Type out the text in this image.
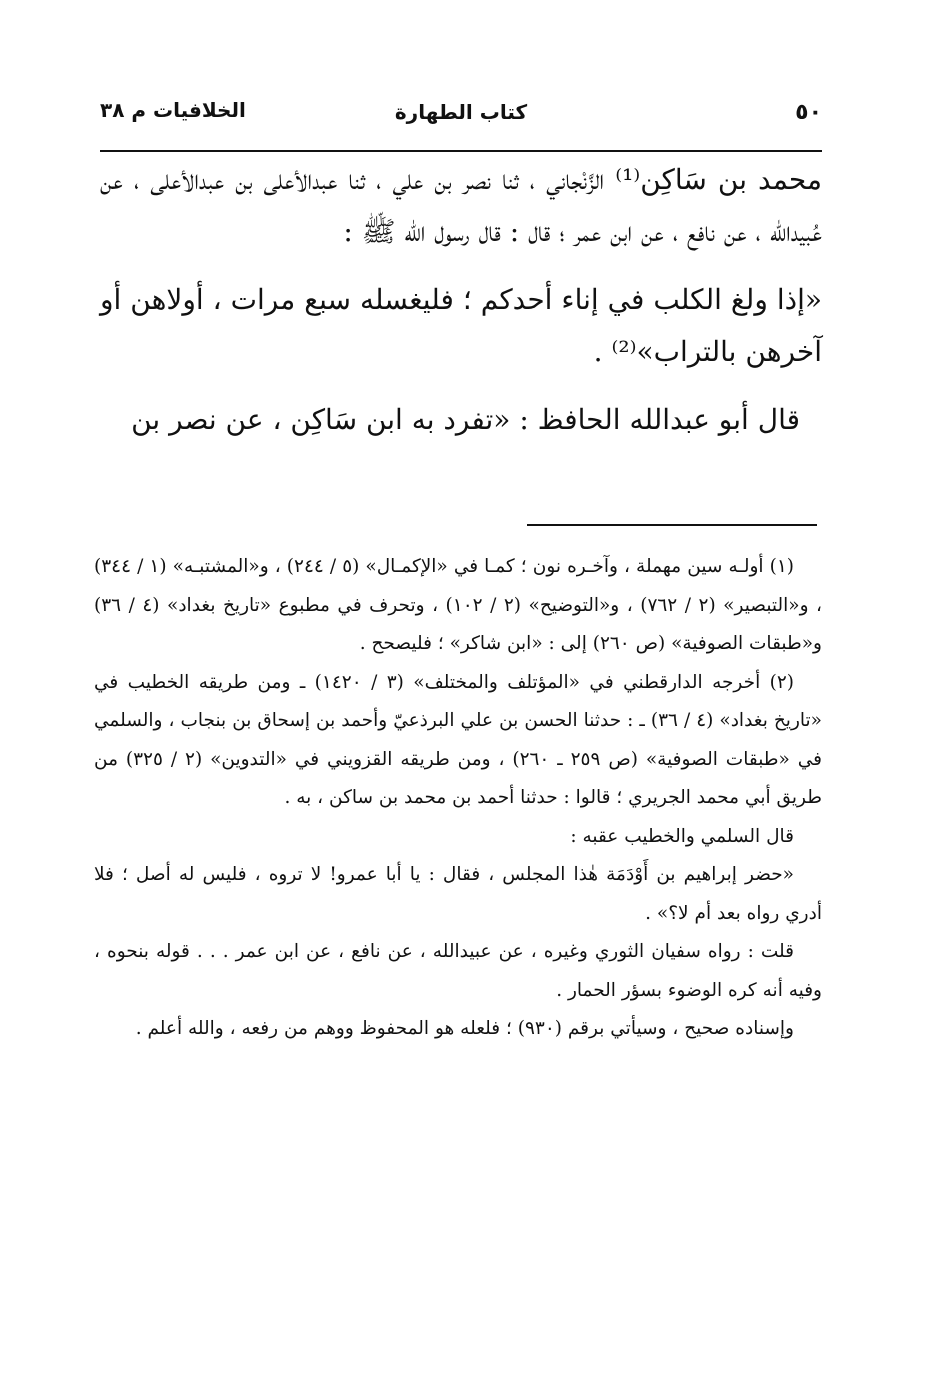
٥٠
كتاب الطهارة
الخلافيات م ٣٨

محمد بن سَاكِن⁽¹⁾ الزَّنْجاني ، ثنا نصر بن علي ، ثنا عبدالأعلى بن عبدالأعلى ، عن عُبيدالله ، عن نافع ، عن ابن عمر ؛ قال : قال رسول الله ﷺ :

«إذا ولغ الكلب في إناء أحدكم ؛ فليغسله سبع مرات ، أولاهن أو آخرهن بالتراب»⁽²⁾ .

قال أبو عبدالله الحافظ : «تفرد به ابن سَاكِن ، عن نصر بن

(١) أولـه سين مهملة ، وآخـره نون ؛ كمـا في «الإكمـال» (٥ / ٢٤٤) ، و«المشتبـه» (١ / ٣٤٤) ، و«التبصير» (٢ / ٧٦٢) ، و«التوضيح» (٢ / ١٠٢) ، وتحرف في مطبوع «تاريخ بغداد» (٤ / ٣٦) و«طبقات الصوفية» (ص ٢٦٠) إلى : «ابن شاكر» ؛ فليصحح .

(٢) أخرجه الدارقطني في «المؤتلف والمختلف» (٣ / ١٤٢٠) ـ ومن طريقه الخطيب في «تاريخ بغداد» (٤ / ٣٦) ـ : حدثنا الحسن بن علي البرذعيّ وأحمد بن إسحاق بن بنجاب ، والسلمي في «طبقات الصوفية» (ص ٢٥٩ ـ ٢٦٠) ، ومن طريقه القزويني في «التدوين» (٢ / ٣٢٥) من طريق أبي محمد الجريري ؛ قالوا : حدثنا أحمد بن محمد بن ساكن ، به .

قال السلمي والخطيب عقبه :

«حضر إبراهيم بن أَوْدَمَة هٰذا المجلس ، فقال : يا أبا عمرو! لا تروه ، فليس له أصل ؛ فلا أدري رواه بعد أم لا؟» .

قلت : رواه سفيان الثوري وغيره ، عن عبيدالله ، عن نافع ، عن ابن عمر . . . قوله بنحوه ، وفيه أنه كره الوضوء بسؤر الحمار .

وإسناده صحيح ، وسيأتي برقم (٩٣٠) ؛ فلعله هو المحفوظ ووهم من رفعه ، والله أعلم .
